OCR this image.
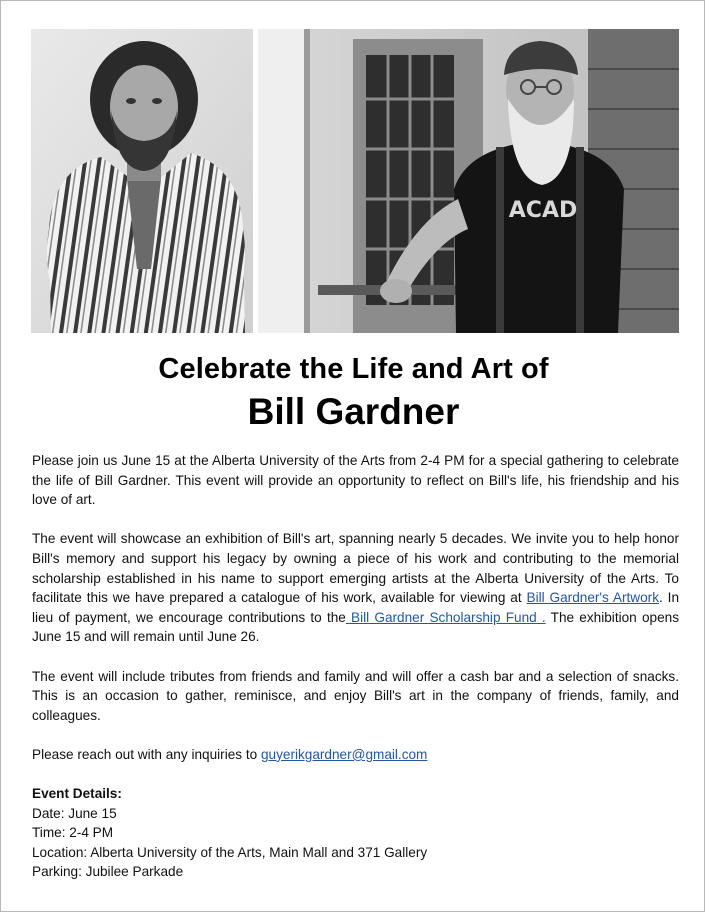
ACAD
Celebrate the Life and Art of
Bill Gardner

Please join us June 15 at the Alberta University of the Arts from 2-4 PM for a special gathering to celebrate the life of Bill Gardner. This event will provide an opportunity to reflect on Bill's life, his friendship and his love of art.

The event will showcase an exhibition of Bill's art, spanning nearly 5 decades. We invite you to help honor Bill's memory and support his legacy by owning a piece of his work and contributing to the memorial scholarship established in his name to support emerging artists at the Alberta University of the Arts. To facilitate this we have prepared a catalogue of his work, available for viewing at Bill Gardner's Artwork. In lieu of payment, we encourage contributions to the Bill Gardner Scholarship Fund . The exhibition opens June 15 and will remain until June 26.

The event will include tributes from friends and family and will offer a cash bar and a selection of snacks. This is an occasion to gather, reminisce, and enjoy Bill's art in the company of friends, family, and colleagues.

Please reach out with any inquiries to guyerikgardner@gmail.com

Event Details:
Date: June 15
Time: 2-4 PM
Location: Alberta University of the Arts, Main Mall and 371 Gallery
Parking: Jubilee Parkade
